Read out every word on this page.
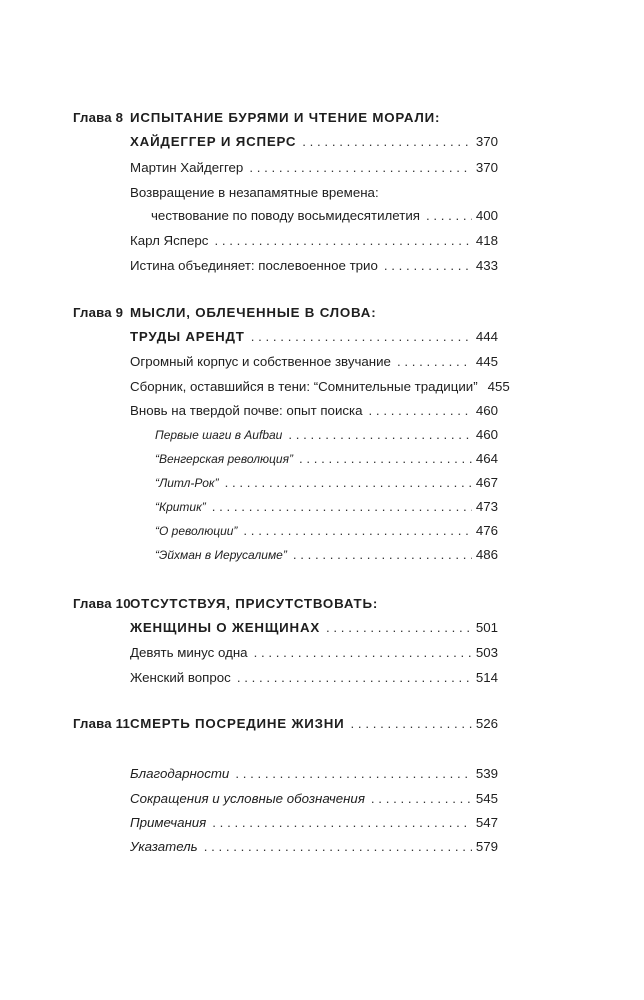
Глава 8 ИСПЫТАНИЕ БУРЯМИ И ЧТЕНИЕ МОРАЛИ:
ХАЙДЕГГЕР И ЯСПЕРС . . .	370
Мартин Хайдеггер . . .	370
Возвращение в незапамятные времена:
чествование по поводу восьмидесятилетия . . .	400
Карл Ясперс . . .	418
Истина объединяет: послевоенное трио . . .	433
Глава 9 МЫСЛИ, ОБЛЕЧЕННЫЕ В СЛОВА:
ТРУДЫ АРЕНДТ . . .	444
Огромный корпус и собственное звучание . . .	445
Сборник, оставшийся в тени: “Сомнительные традиции” 455
Вновь на твердой почве: опыт поиска . . .	460
Первые шаги в Aufbau . . .	460
“Венгерская революция” . . .	464
“Литл-Рок” . . .	467
“Критик” . . .	473
“О революции” . . .	476
“Эйхман в Иерусалиме” . . .	486
Глава 10 ОТСУТСТВУЯ, ПРИСУТСТВОВАТЬ:
ЖЕНЩИНЫ О ЖЕНЩИНАХ . . .	501
Девять минус одна . . .	503
Женский вопрос . . .	514
Глава 11 СМЕРТЬ ПОСРЕДИНЕ ЖИЗНИ . . .	526
Благодарности . . .	539
Сокращения и условные обозначения . . .	545
Примечания . . .	547
Указатель . . .	579
